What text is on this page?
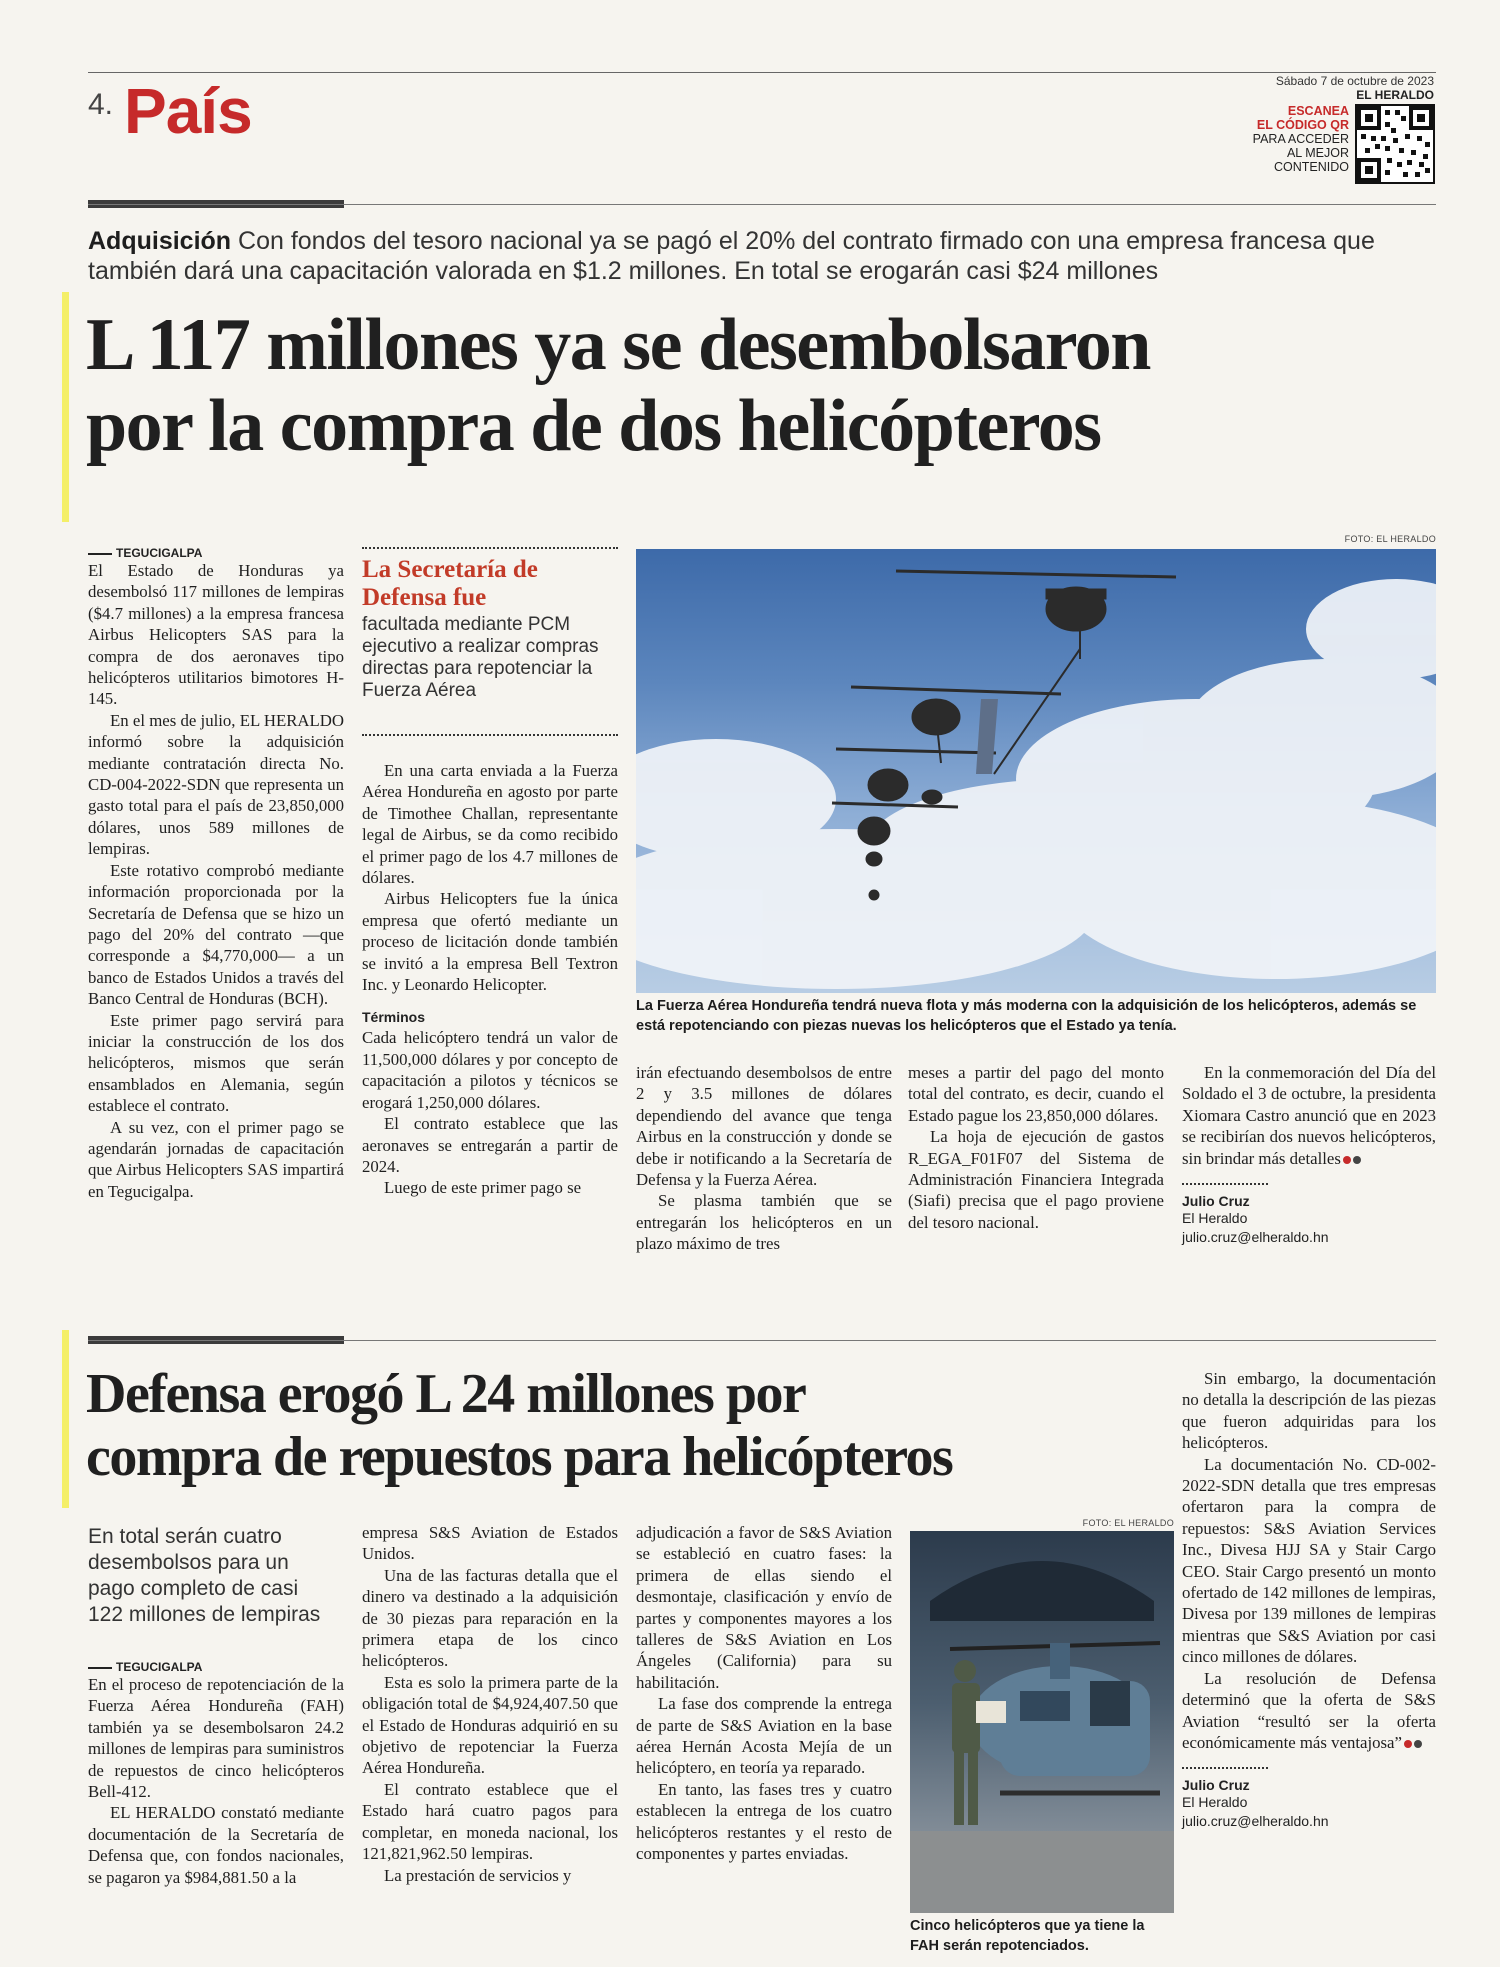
4. País	Sábado 7 de octubre de 2023
EL HERALDO
ESCANEA
EL CÓDIGO QR
PARA ACCEDER
AL MEJOR
CONTENIDO
Adquisición Con fondos del tesoro nacional ya se pagó el 20% del contrato firmado con una empresa francesa que también dará una capacitación valorada en $1.2 millones. En total se erogarán casi $24 millones
L 117 millones ya se desembolsaron
por la compra de dos helicópteros
TEGUCIGALPA

El Estado de Honduras ya desembolsó 117 millones de lempiras ($4.7 millones) a la empresa francesa Airbus Helicopters SAS para la compra de dos aeronaves tipo helicópteros utilitarios bimotores H-145.

En el mes de julio, EL HERALDO informó sobre la adquisición mediante contratación directa No. CD-004-2022-SDN que representa un gasto total para el país de 23,850,000 dólares, unos 589 millones de lempiras.

Este rotativo comprobó mediante información proporcionada por la Secretaría de Defensa que se hizo un pago del 20% del contrato —que corresponde a $4,770,000— a un banco de Estados Unidos a través del Banco Central de Honduras (BCH).

Este primer pago servirá para iniciar la construcción de los dos helicópteros, mismos que serán ensamblados en Alemania, según establece el contrato.

A su vez, con el primer pago se agendarán jornadas de capacitación que Airbus Helicopters SAS impartirá en Tegucigalpa.

La Secretaría de Defensa fue
facultada mediante PCM ejecutivo a realizar compras directas para repotenciar la Fuerza Aérea

En una carta enviada a la Fuerza Aérea Hondureña en agosto por parte de Timothee Challan, representante legal de Airbus, se da como recibido el primer pago de los 4.7 millones de dólares.

Airbus Helicopters fue la única empresa que ofertó mediante un proceso de licitación donde también se invitó a la empresa Bell Textron Inc. y Leonardo Helicopter.

Términos

Cada helicóptero tendrá un valor de 11,500,000 dólares y por concepto de capacitación a pilotos y técnicos se erogará 1,250,000 dólares.

El contrato establece que las aeronaves se entregarán a partir de 2024.

Luego de este primer pago se

FOTO: EL HERALDO
La Fuerza Aérea Hondureña tendrá nueva flota y más moderna con la adquisición de los helicópteros, además se está repotenciando con piezas nuevas los helicópteros que el Estado ya tenía.

irán efectuando desembolsos de entre 2 y 3.5 millones de dólares dependiendo del avance que tenga Airbus en la construcción y donde se debe ir notificando a la Secretaría de Defensa y la Fuerza Aérea.

Se plasma también que se entregarán los helicópteros en un plazo máximo de tres

meses a partir del pago del monto total del contrato, es decir, cuando el Estado pague los 23,850,000 dólares.

La hoja de ejecución de gastos R_EGA_F01F07 del Sistema de Administración Financiera Integrada (Siafi) precisa que el pago proviene del tesoro nacional.

En la conmemoración del Día del Soldado el 3 de octubre, la presidenta Xiomara Castro anunció que en 2023 se recibirían dos nuevos helicópteros, sin brindar más detalles

Julio Cruz
El Heraldo
julio.cruz@elheraldo.hn
Defensa erogó L 24 millones por
compra de repuestos para helicópteros
En total serán cuatro desembolsos para un pago completo de casi 122 millones de lempiras
TEGUCIGALPA

En el proceso de repotenciación de la Fuerza Aérea Hondureña (FAH) también ya se desembolsaron 24.2 millones de lempiras para suministros de repuestos de cinco helicópteros Bell-412.

EL HERALDO constató mediante documentación de la Secretaría de Defensa que, con fondos nacionales, se pagaron ya $984,881.50 a la

empresa S&S Aviation de Estados Unidos.

Una de las facturas detalla que el dinero va destinado a la adquisición de 30 piezas para reparación en la primera etapa de los cinco helicópteros.

Esta es solo la primera parte de la obligación total de $4,924,407.50 que el Estado de Honduras adquirió en su objetivo de repotenciar la Fuerza Aérea Hondureña.

El contrato establece que el Estado hará cuatro pagos para completar, en moneda nacional, los 121,821,962.50 lempiras.

La prestación de servicios y

adjudicación a favor de S&S Aviation se estableció en cuatro fases: la primera de ellas siendo el desmontaje, clasificación y envío de partes y componentes mayores a los talleres de S&S Aviation en Los Ángeles (California) para su habilitación.

La fase dos comprende la entrega de parte de S&S Aviation en la base aérea Hernán Acosta Mejía de un helicóptero, en teoría ya reparado.

En tanto, las fases tres y cuatro establecen la entrega de los cuatro helicópteros restantes y el resto de componentes y partes enviadas.

FOTO: EL HERALDO
Cinco helicópteros que ya tiene la FAH serán repotenciados.

Sin embargo, la documentación no detalla la descripción de las piezas que fueron adquiridas para los helicópteros.

La documentación No. CD-002-2022-SDN detalla que tres empresas ofertaron para la compra de repuestos: S&S Aviation Services Inc., Divesa HJJ SA y Stair Cargo CEO. Stair Cargo presentó un monto ofertado de 142 millones de lempiras, Divesa por 139 millones de lempiras mientras que S&S Aviation por casi cinco millones de dólares.

La resolución de Defensa determinó que la oferta de S&S Aviation “resultó ser la oferta económicamente más ventajosa”

Julio Cruz
El Heraldo
julio.cruz@elheraldo.hn
